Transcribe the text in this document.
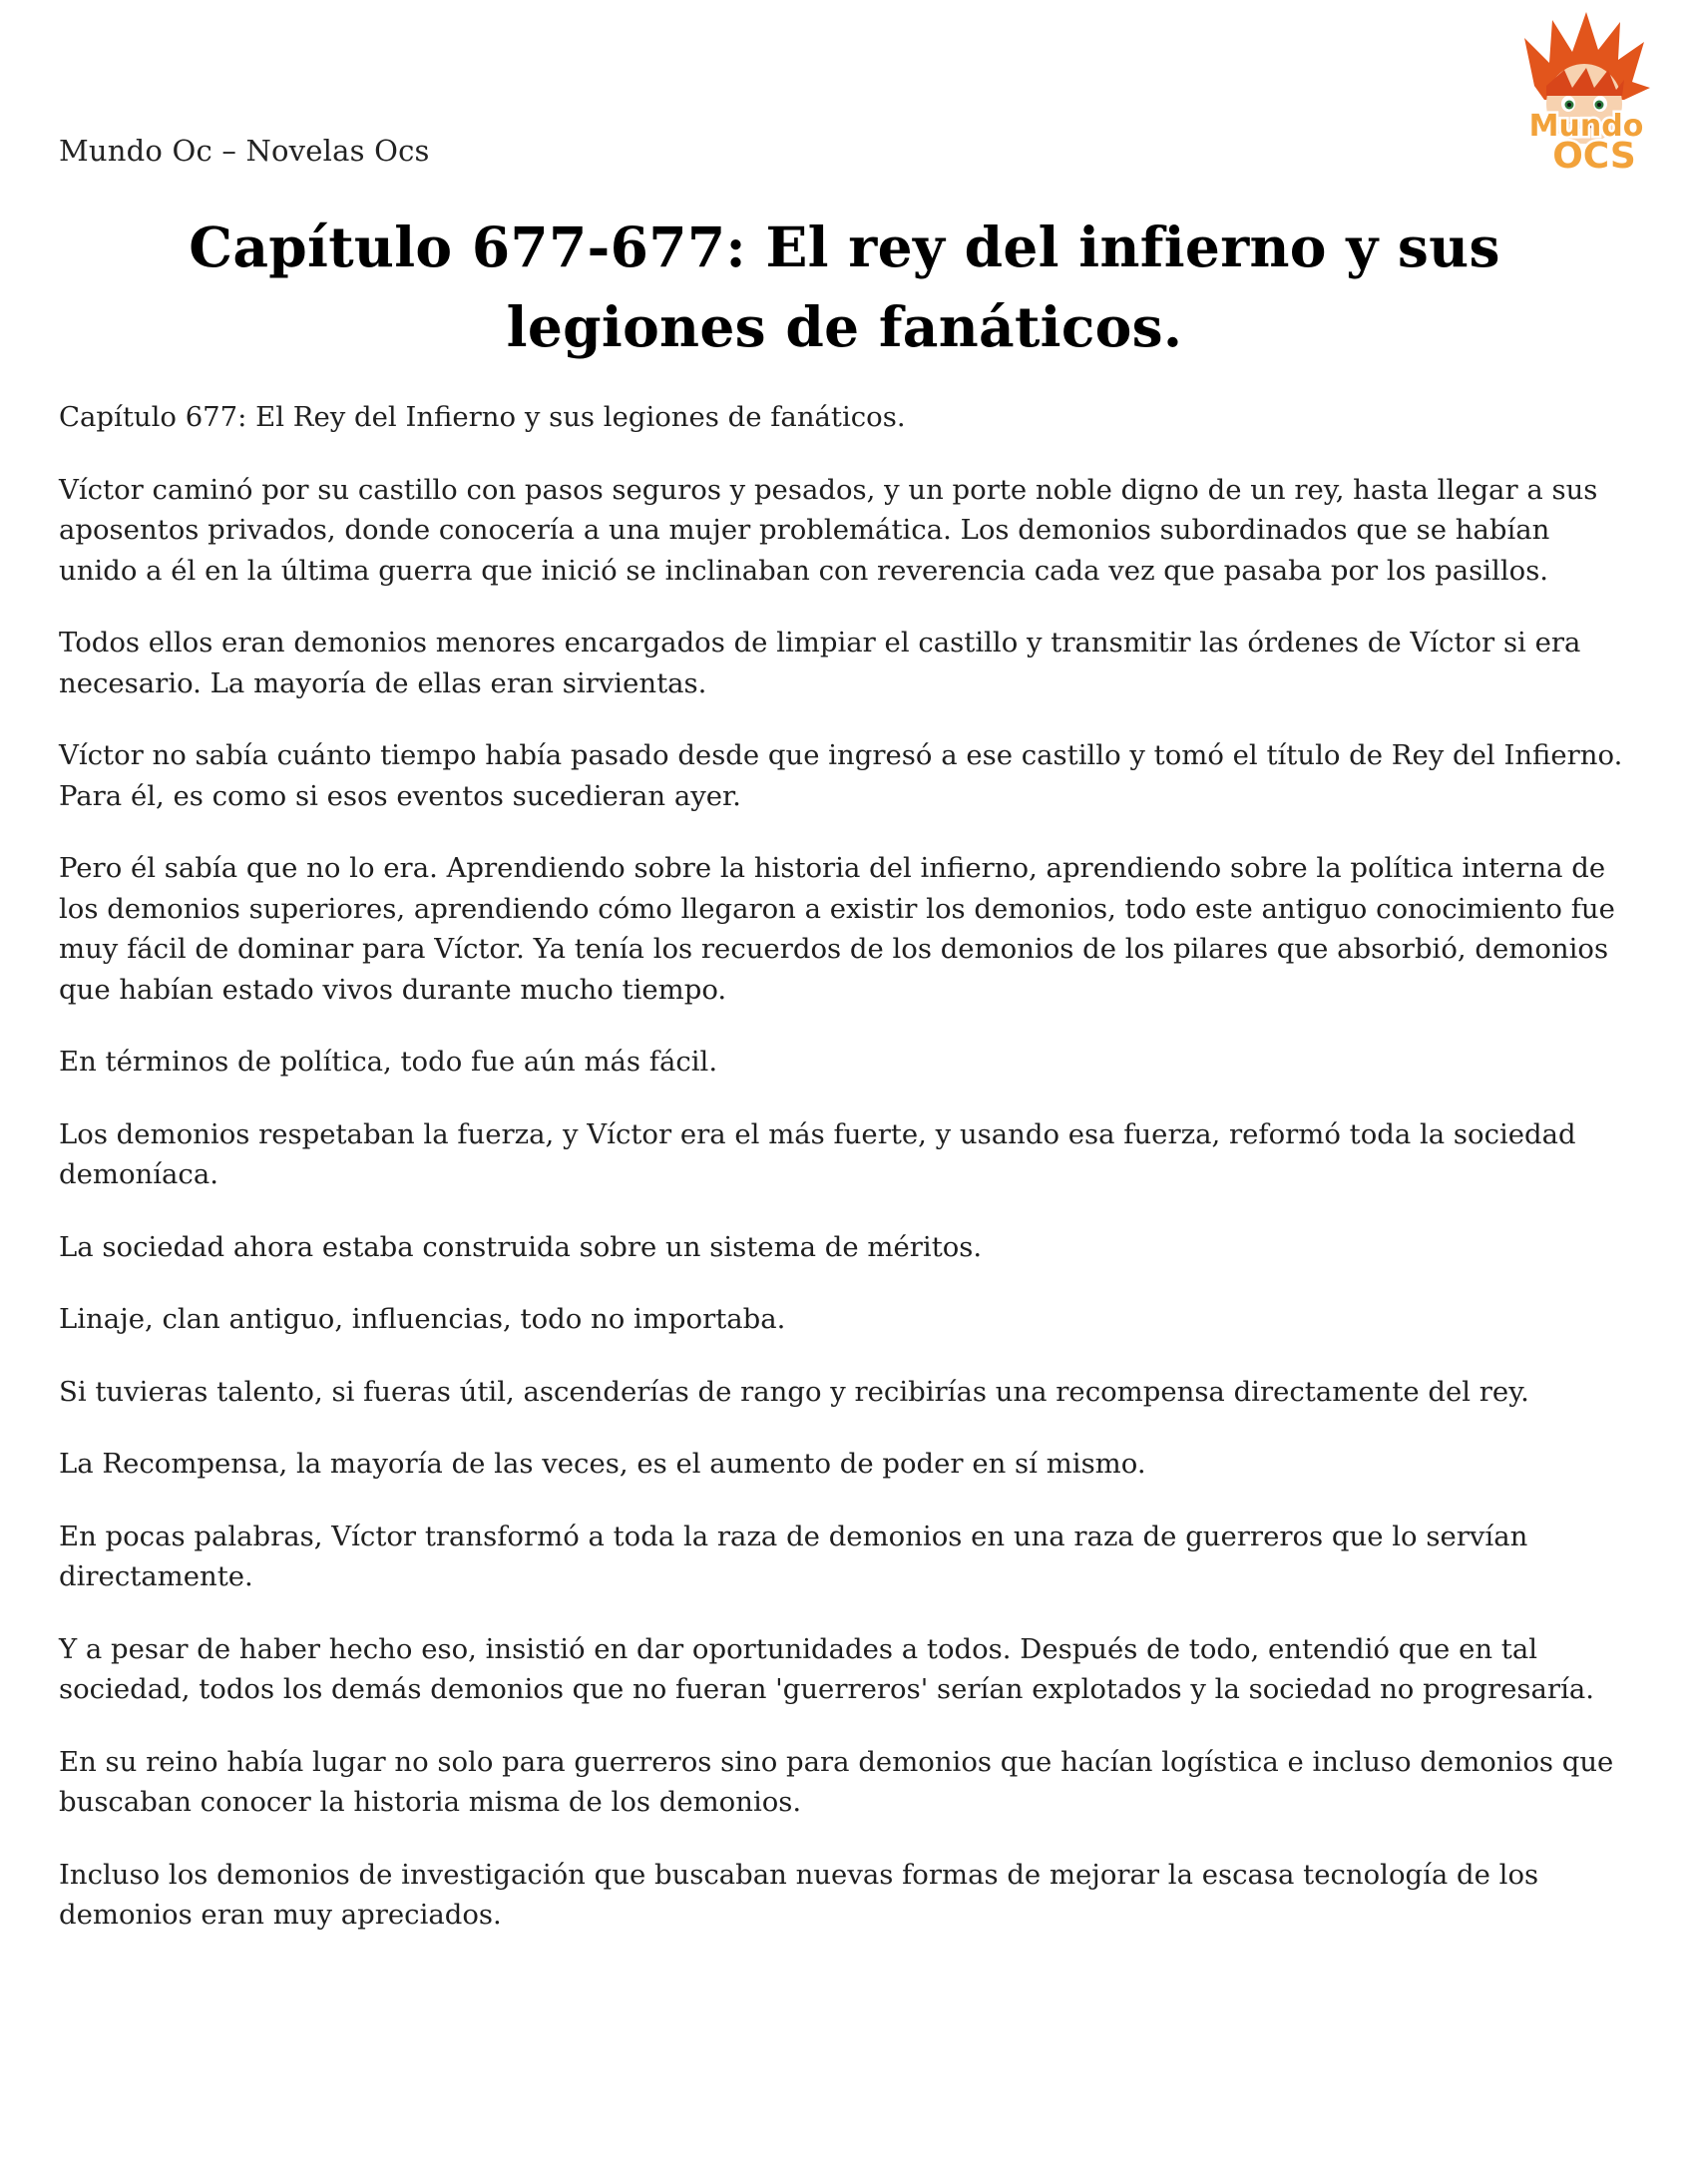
Mundo Oc – Novelas Ocs
Mundo
OCS
Capítulo 677-677: El rey del infierno y sus legiones de fanáticos.

Capítulo 677: El Rey del Infierno y sus legiones de fanáticos.

Víctor caminó por su castillo con pasos seguros y pesados, y un porte noble digno de un rey, hasta llegar a sus aposentos privados, donde conocería a una mujer problemática. Los demonios subordinados que se habían unido a él en la última guerra que inició se inclinaban con reverencia cada vez que pasaba por los pasillos.

Todos ellos eran demonios menores encargados de limpiar el castillo y transmitir las órdenes de Víctor si era necesario. La mayoría de ellas eran sirvientas.

Víctor no sabía cuánto tiempo había pasado desde que ingresó a ese castillo y tomó el título de Rey del Infierno. Para él, es como si esos eventos sucedieran ayer.

Pero él sabía que no lo era. Aprendiendo sobre la historia del infierno, aprendiendo sobre la política interna de los demonios superiores, aprendiendo cómo llegaron a existir los demonios, todo este antiguo conocimiento fue muy fácil de dominar para Víctor. Ya tenía los recuerdos de los demonios de los pilares que absorbió, demonios que habían estado vivos durante mucho tiempo.

En términos de política, todo fue aún más fácil.

Los demonios respetaban la fuerza, y Víctor era el más fuerte, y usando esa fuerza, reformó toda la sociedad demoníaca.

La sociedad ahora estaba construida sobre un sistema de méritos.

Linaje, clan antiguo, influencias, todo no importaba.

Si tuvieras talento, si fueras útil, ascenderías de rango y recibirías una recompensa directamente del rey.

La Recompensa, la mayoría de las veces, es el aumento de poder en sí mismo.

En pocas palabras, Víctor transformó a toda la raza de demonios en una raza de guerreros que lo servían directamente.

Y a pesar de haber hecho eso, insistió en dar oportunidades a todos. Después de todo, entendió que en tal sociedad, todos los demás demonios que no fueran 'guerreros' serían explotados y la sociedad no progresaría.

En su reino había lugar no solo para guerreros sino para demonios que hacían logística e incluso demonios que buscaban conocer la historia misma de los demonios.

Incluso los demonios de investigación que buscaban nuevas formas de mejorar la escasa tecnología de los demonios eran muy apreciados.
